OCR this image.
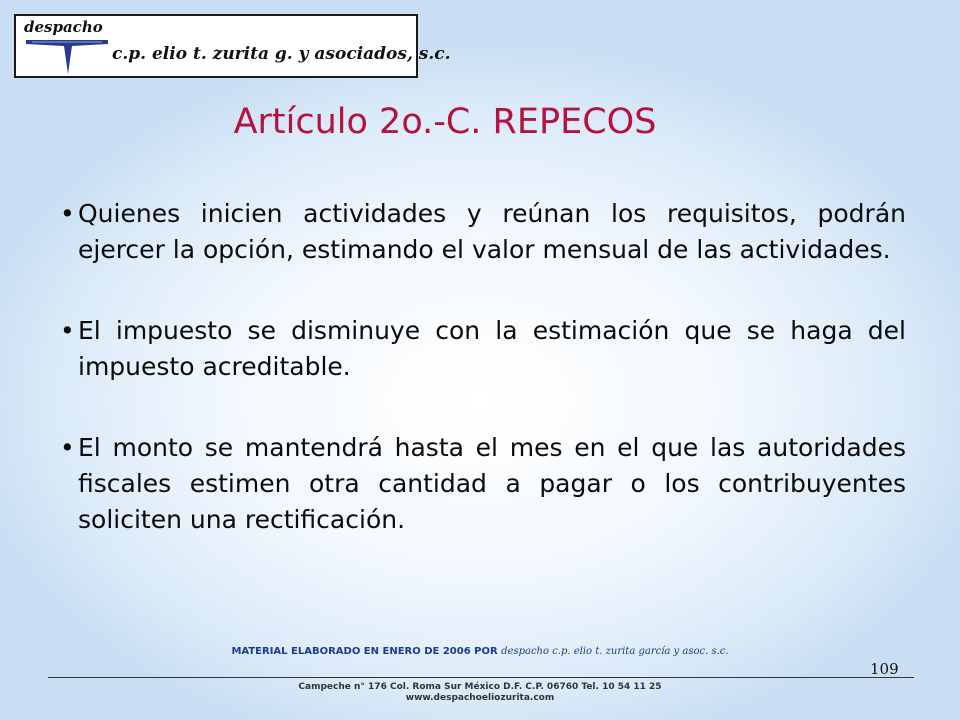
despacho
c.p. elio t. zurita g. y asociados, s.c.
Artículo 2o.-C. REPECOS
• Quienes inicien actividades y reúnan los requisitos, podrán ejercer la opción, estimando el valor mensual de las actividades.
• El impuesto se disminuye con la estimación que se haga del impuesto acreditable.
• El monto se mantendrá hasta el mes en el que las autoridades fiscales estimen otra cantidad a pagar o los contribuyentes soliciten una rectificación.
MATERIAL ELABORADO EN ENERO DE 2006 POR despacho c.p. elio t. zurita garcía y asoc. s.c.
109
Campeche n° 176 Col. Roma Sur México D.F. C.P. 06760 Tel. 10 54 11 25
www.despachoeliozurita.com
